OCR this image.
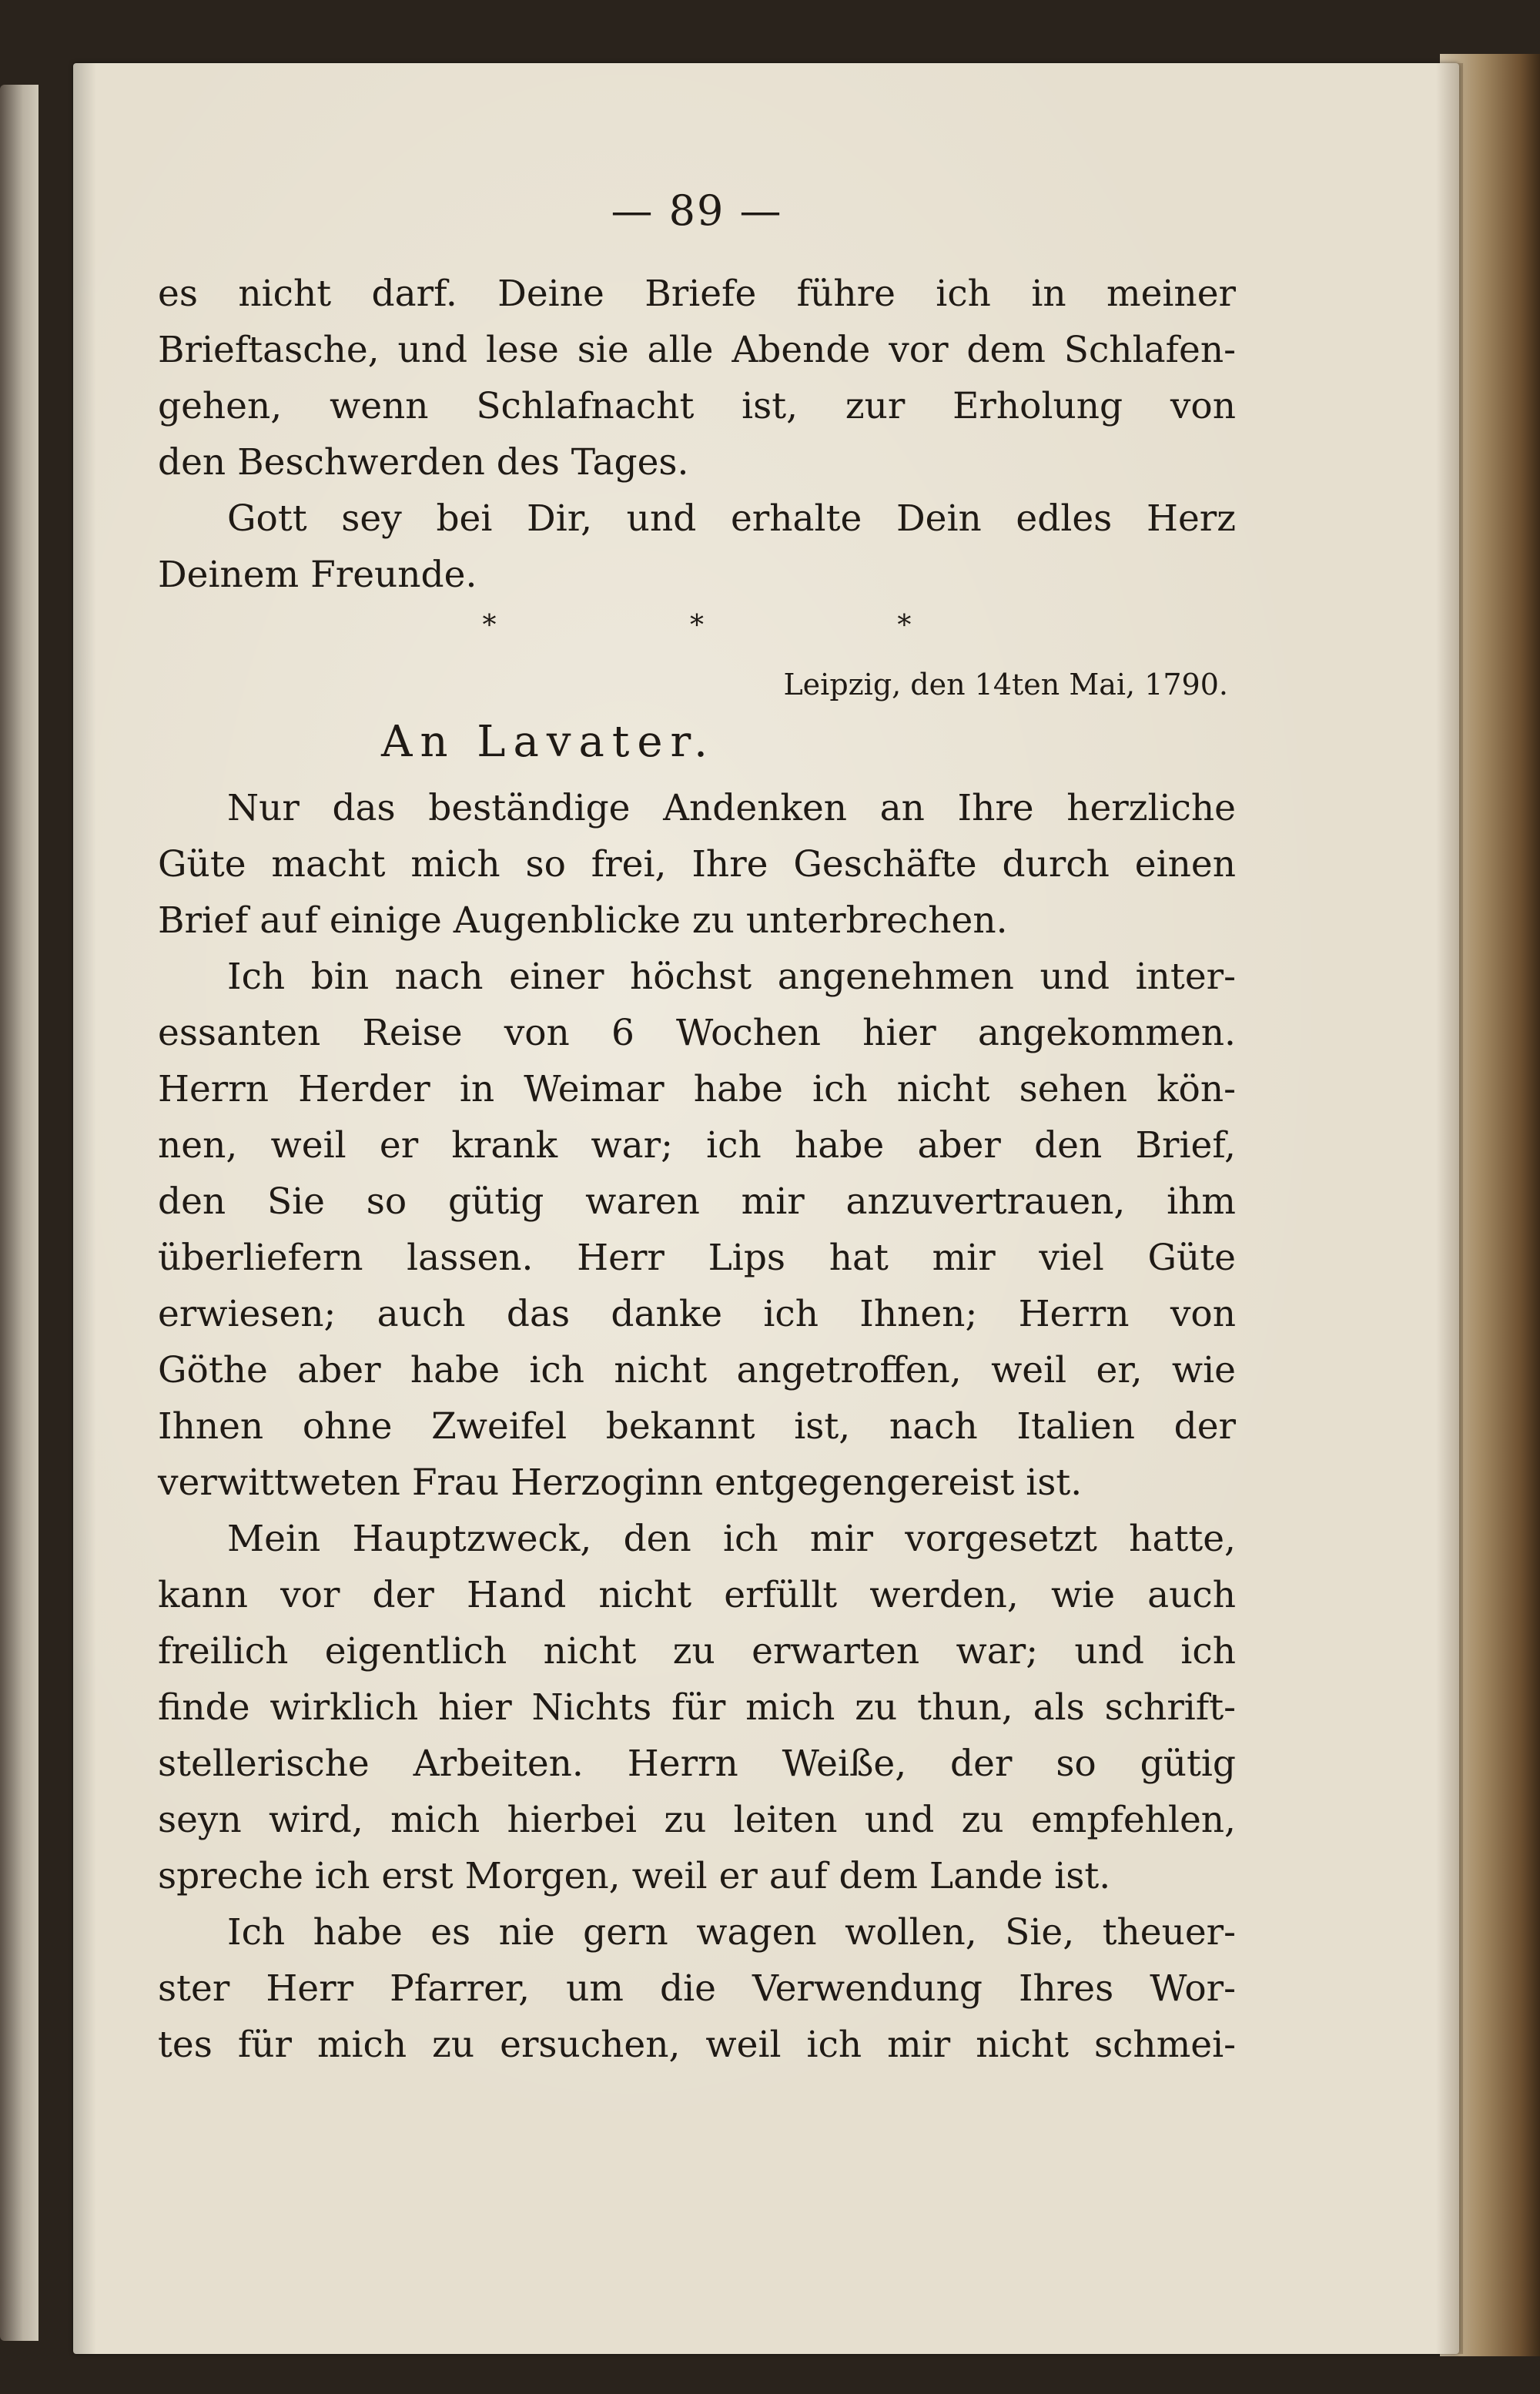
— 89 —
es nicht darf. Deine Briefe führe ich in meiner
Brieftasche, und lese sie alle Abende vor dem Schlafen-
gehen, wenn Schlafnacht ist, zur Erholung von
den Beschwerden des Tages.
Gott sey bei Dir, und erhalte Dein edles Herz
Deinem Freunde.
* * *
Leipzig, den 14ten Mai, 1790.
An Lavater.
Nur das beständige Andenken an Ihre herzliche
Güte macht mich so frei, Ihre Geschäfte durch einen
Brief auf einige Augenblicke zu unterbrechen.
Ich bin nach einer höchst angenehmen und inter-
essanten Reise von 6 Wochen hier angekommen.
Herrn Herder in Weimar habe ich nicht sehen kön-
nen, weil er krank war; ich habe aber den Brief,
den Sie so gütig waren mir anzuvertrauen, ihm
überliefern lassen. Herr Lips hat mir viel Güte
erwiesen; auch das danke ich Ihnen; Herrn von
Göthe aber habe ich nicht angetroffen, weil er, wie
Ihnen ohne Zweifel bekannt ist, nach Italien der
verwittweten Frau Herzoginn entgegengereist ist.
Mein Hauptzweck, den ich mir vorgesetzt hatte,
kann vor der Hand nicht erfüllt werden, wie auch
freilich eigentlich nicht zu erwarten war; und ich
finde wirklich hier Nichts für mich zu thun, als schrift-
stellerische Arbeiten. Herrn Weiße, der so gütig
seyn wird, mich hierbei zu leiten und zu empfehlen,
spreche ich erst Morgen, weil er auf dem Lande ist.
Ich habe es nie gern wagen wollen, Sie, theuer-
ster Herr Pfarrer, um die Verwendung Ihres Wor-
tes für mich zu ersuchen, weil ich mir nicht schmei-
